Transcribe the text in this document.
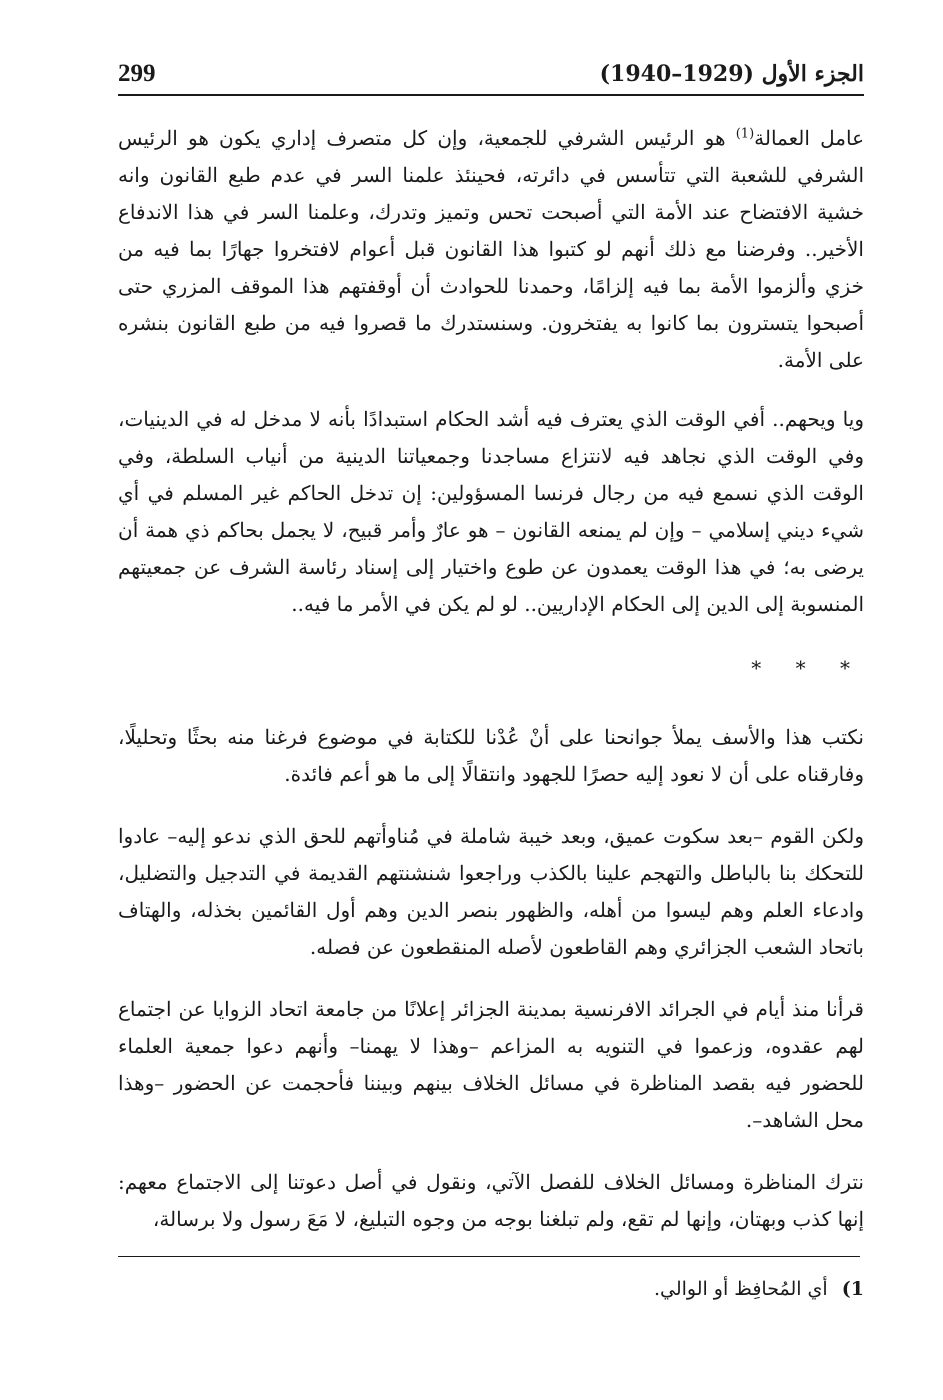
299	الجزء الأول (1929–1940)

عامل العمالة$^{(1)}$ هو الرئيس الشرفي للجمعية، وإن كل متصرف إداري يكون هو الرئيس الشرفي للشعبة التي تتأسس في دائرته، فحينئذ علمنا السر في عدم طبع القانون وانه خشية الافتضاح عند الأمة التي أصبحت تحس وتميز وتدرك، وعلمنا السر في هذا الاندفاع الأخير.. وفرضنا مع ذلك أنهم لو كتبوا هذا القانون قبل أعوام لافتخروا جهارًا بما فيه من خزي وألزموا الأمة بما فيه إلزامًا، وحمدنا للحوادث أن أوقفتهم هذا الموقف المزري حتى أصبحوا يتسترون بما كانوا به يفتخرون. وسنستدرك ما قصروا فيه من طبع القانون بنشره على الأمة.

ويا ويحهم.. أفي الوقت الذي يعترف فيه أشد الحكام استبدادًا بأنه لا مدخل له في الدينيات، وفي الوقت الذي نجاهد فيه لانتزاع مساجدنا وجمعياتنا الدينية من أنياب السلطة، وفي الوقت الذي نسمع فيه من رجال فرنسا المسؤولين: إن تدخل الحاكم غير المسلم في أي شيء ديني إسلامي – وإن لم يمنعه القانون – هو عارٌ وأمر قبيح، لا يجمل بحاكم ذي همة أن يرضى به؛ في هذا الوقت يعمدون عن طوع واختيار إلى إسناد رئاسة الشرف عن جمعيتهم المنسوبة إلى الدين إلى الحكام الإداريين.. لو لم يكن في الأمر ما فيه..

* * *

نكتب هذا والأسف يملأ جوانحنا على أنْ عُدْنا للكتابة في موضوع فرغنا منه بحثًا وتحليلًا، وفارقناه على أن لا نعود إليه حصرًا للجهود وانتقالًا إلى ما هو أعم فائدة.

ولكن القوم –بعد سكوت عميق، وبعد خيبة شاملة في مُناوأتهم للحق الذي ندعو إليه– عادوا للتحكك بنا بالباطل والتهجم علينا بالكذب وراجعوا شنشنتهم القديمة في التدجيل والتضليل، وادعاء العلم وهم ليسوا من أهله، والظهور بنصر الدين وهم أول القائمين بخذله، والهتاف باتحاد الشعب الجزائري وهم القاطعون لأصله المنقطعون عن فصله.

قرأنا منذ أيام في الجرائد الافرنسية بمدينة الجزائر إعلانًا من جامعة اتحاد الزوايا عن اجتماع لهم عقدوه، وزعموا في التنويه به المزاعم –وهذا لا يهمنا– وأنهم دعوا جمعية العلماء للحضور فيه بقصد المناظرة في مسائل الخلاف بينهم وبيننا فأحجمت عن الحضور –وهذا محل الشاهد–.

نترك المناظرة ومسائل الخلاف للفصل الآتي، ونقول في أصل دعوتنا إلى الاجتماع معهم: إنها كذب وبهتان، وإنها لم تقع، ولم تبلغنا بوجه من وجوه التبليغ، لا مَعَ رسول ولا برسالة،

1) أي المُحافِظ أو الوالي.
